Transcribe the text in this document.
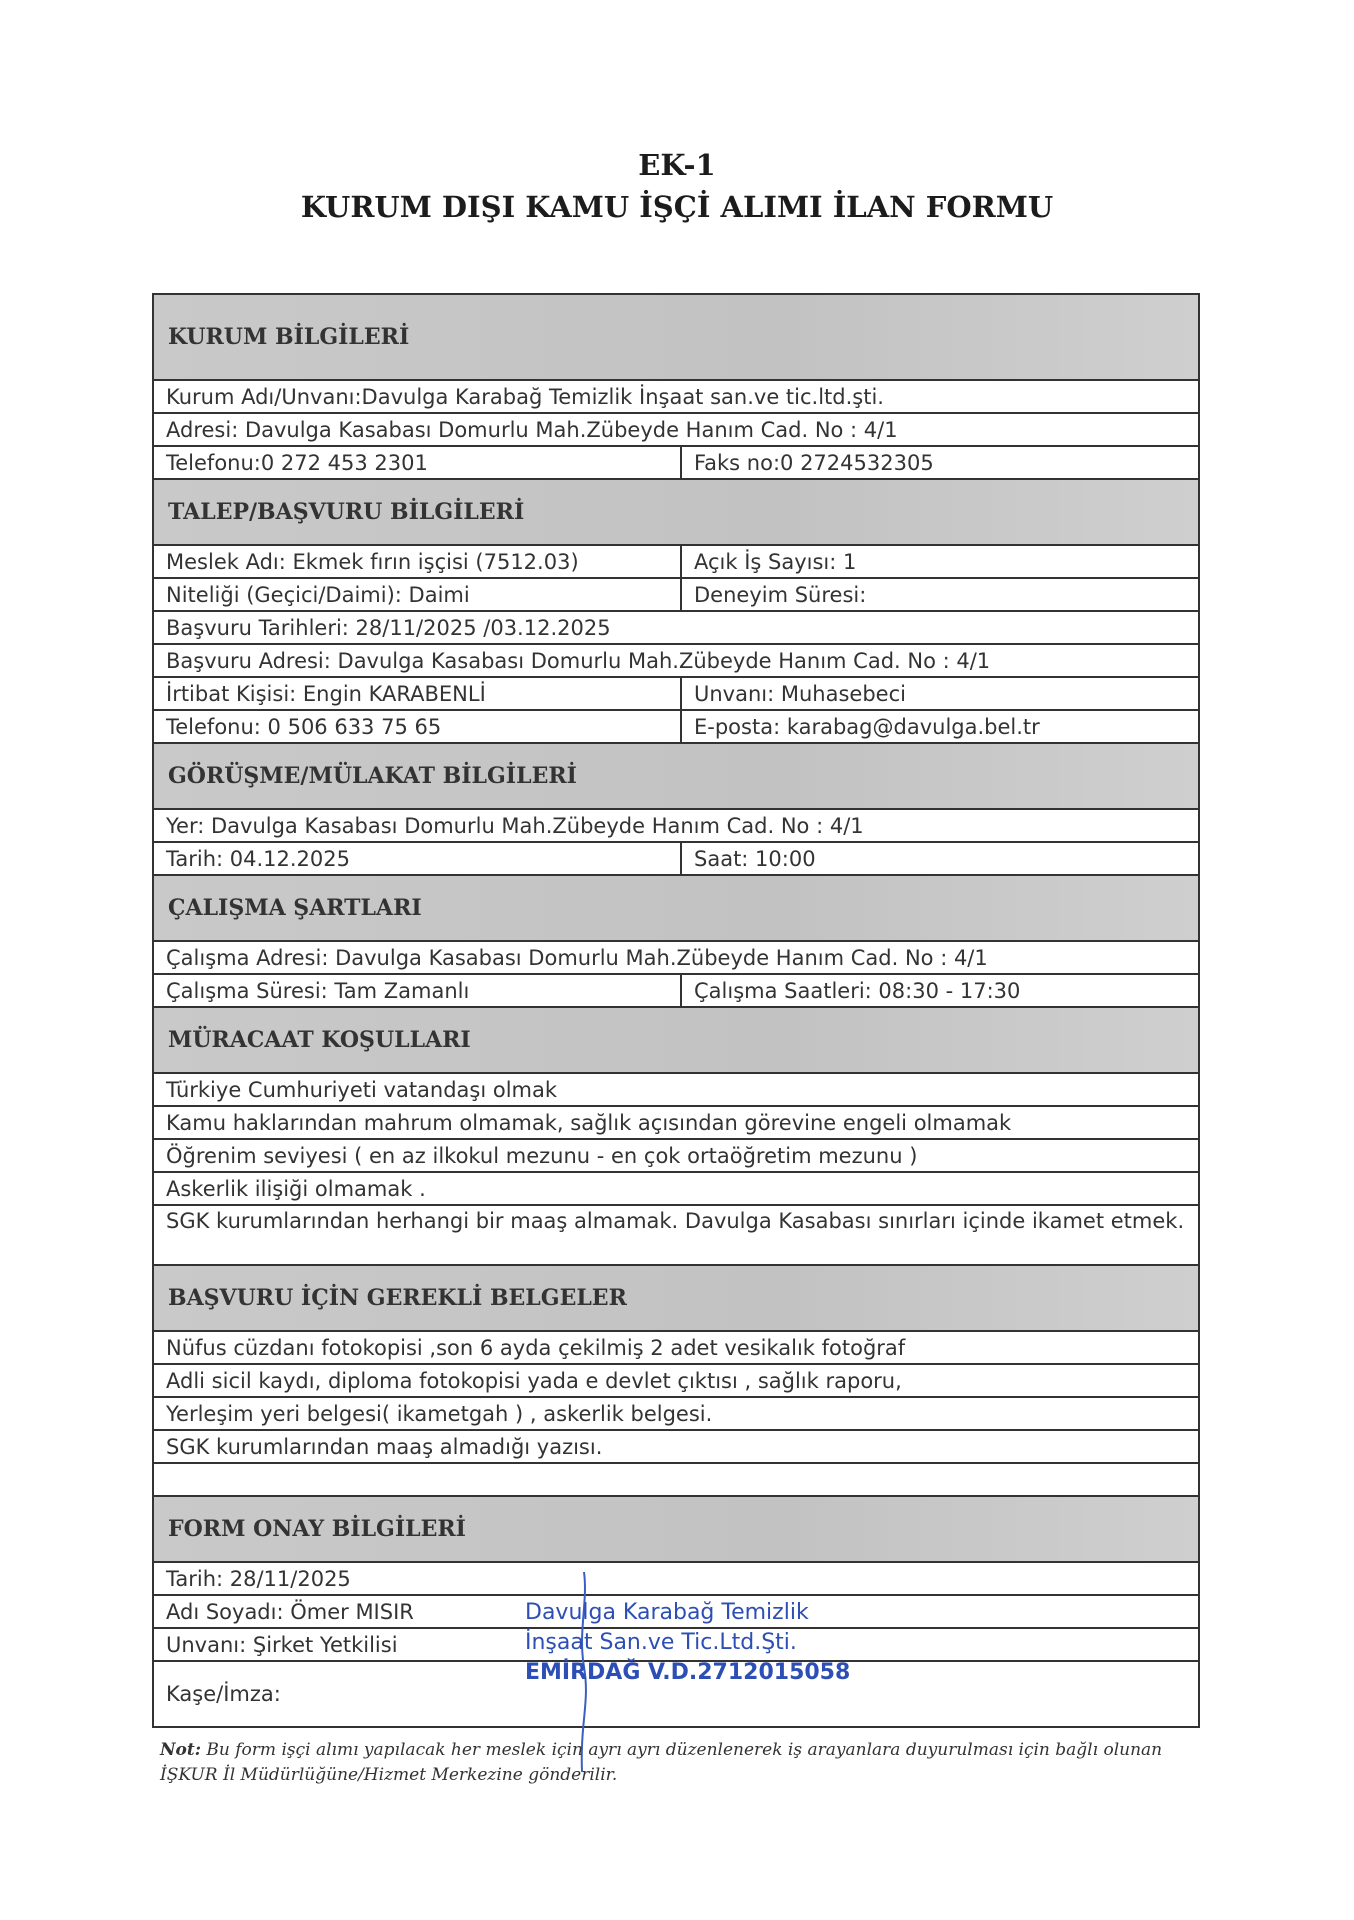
EK-1
KURUM DIŞI KAMU İŞÇİ ALIMI İLAN FORMU
KURUM BİLGİLERİ
Kurum Adı/Unvanı:Davulga Karabağ Temizlik İnşaat san.ve tic.ltd.şti.
Adresi: Davulga Kasabası Domurlu Mah.Zübeyde Hanım Cad. No : 4/1
Telefonu:0 272 453 2301	Faks no:0 2724532305
TALEP/BAŞVURU BİLGİLERİ
Meslek Adı: Ekmek fırın işçisi (7512.03)	Açık İş Sayısı: 1
Niteliği (Geçici/Daimi): Daimi	Deneyim Süresi:
Başvuru Tarihleri: 28/11/2025 /03.12.2025
Başvuru Adresi: Davulga Kasabası Domurlu Mah.Zübeyde Hanım Cad. No : 4/1
İrtibat Kişisi: Engin KARABENLİ	Unvanı: Muhasebeci
Telefonu: 0 506 633 75 65	E-posta: karabag@davulga.bel.tr
GÖRÜŞME/MÜLAKAT BİLGİLERİ
Yer: Davulga Kasabası Domurlu Mah.Zübeyde Hanım Cad. No : 4/1
Tarih: 04.12.2025	Saat: 10:00
ÇALIŞMA ŞARTLARI
Çalışma Adresi: Davulga Kasabası Domurlu Mah.Zübeyde Hanım Cad. No : 4/1
Çalışma Süresi: Tam Zamanlı	Çalışma Saatleri: 08:30 - 17:30
MÜRACAAT KOŞULLARI
Türkiye Cumhuriyeti vatandaşı olmak
Kamu haklarından mahrum olmamak, sağlık açısından görevine engeli olmamak
Öğrenim seviyesi ( en az ilkokul mezunu - en çok ortaöğretim mezunu )
Askerlik ilişiği olmamak .
SGK kurumlarından herhangi bir maaş almamak. Davulga Kasabası sınırları içinde ikamet etmek.
BAŞVURU İÇİN GEREKLİ BELGELER
Nüfus cüzdanı fotokopisi ,son 6 ayda çekilmiş 2 adet vesikalık fotoğraf
Adli sicil kaydı, diploma fotokopisi yada e devlet çıktısı , sağlık raporu,
Yerleşim yeri belgesi( ikametgah ) , askerlik belgesi.
SGK kurumlarından maaş almadığı yazısı.
FORM ONAY BİLGİLERİ
Tarih: 28/11/2025
Adı Soyadı: Ömer MISIR
Unvanı: Şirket Yetkilisi
Kaşe/İmza:
Davulga Karabağ Temizlik
İnşaat San.ve Tic.Ltd.Şti.
EMİRDAĞ V.D.2712015058
Not: Bu form işçi alımı yapılacak her meslek için ayrı ayrı düzenlenerek iş arayanlara duyurulması için bağlı olunan İŞKUR İl Müdürlüğüne/Hizmet Merkezine gönderilir.
